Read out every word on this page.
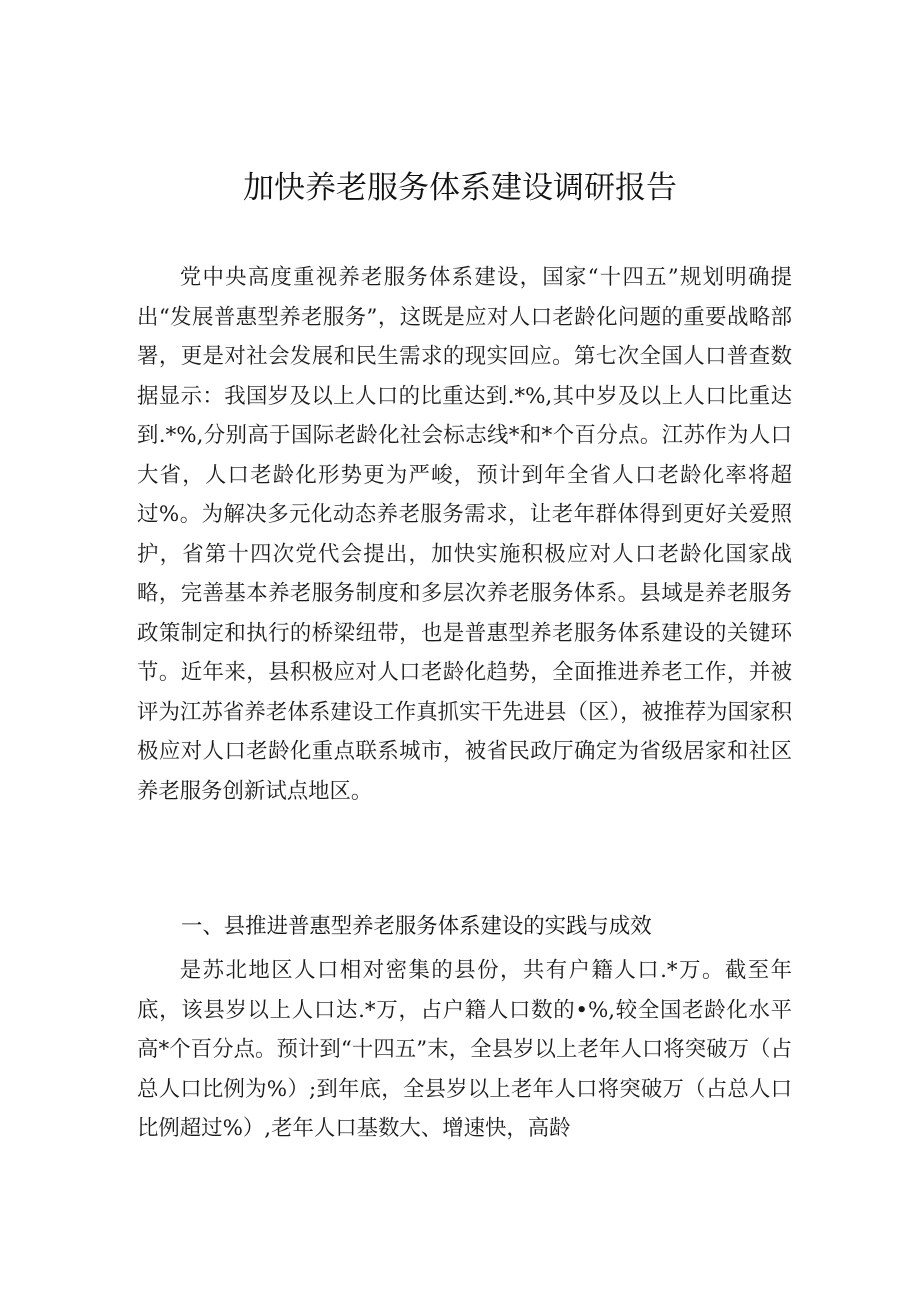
加快养老服务体系建设调研报告

党中央高度重视养老服务体系建设，国家“十四五”规划明确提出“发展普惠型养老服务”，这既是应对人口老龄化问题的重要战略部署，更是对社会发展和民生需求的现实回应。第七次全国人口普查数据显示：我国岁及以上人口的比重达到.*%,其中岁及以上人口比重达到.*%,分别高于国际老龄化社会标志线*和*个百分点。江苏作为人口大省，人口老龄化形势更为严峻，预计到年全省人口老龄化率将超过%。为解决多元化动态养老服务需求，让老年群体得到更好关爱照护，省第十四次党代会提出，加快实施积极应对人口老龄化国家战略，完善基本养老服务制度和多层次养老服务体系。县域是养老服务政策制定和执行的桥梁纽带，也是普惠型养老服务体系建设的关键环节。近年来，县积极应对人口老龄化趋势，全面推进养老工作，并被评为江苏省养老体系建设工作真抓实干先进县（区），被推荐为国家积极应对人口老龄化重点联系城市，被省民政厅确定为省级居家和社区养老服务创新试点地区。

一、县推进普惠型养老服务体系建设的实践与成效

是苏北地区人口相对密集的县份，共有户籍人口.*万。截至年底，该县岁以上人口达.*万，占户籍人口数的•%,较全国老龄化水平高*个百分点。预计到“十四五”末，全县岁以上老年人口将突破万（占总人口比例为%）;到年底，全县岁以上老年人口将突破万（占总人口比例超过%）,老年人口基数大、增速快，高龄
